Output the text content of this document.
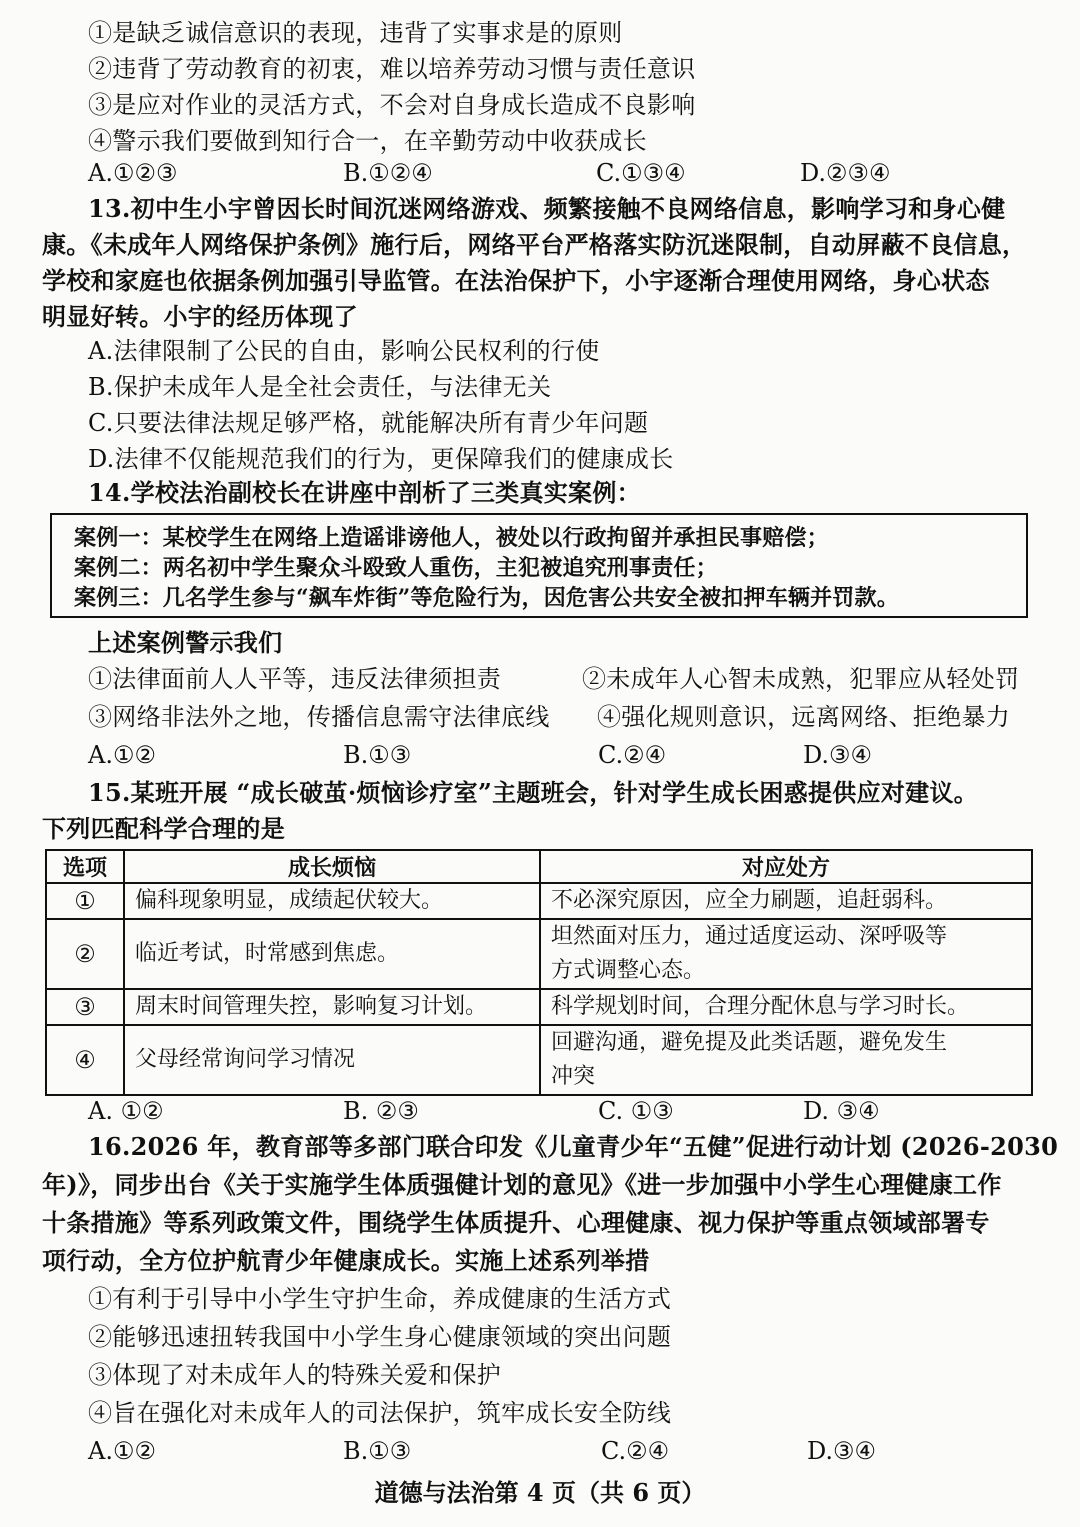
①是缺乏诚信意识的表现，违背了实事求是的原则
②违背了劳动教育的初衷，难以培养劳动习惯与责任意识
③是应对作业的灵活方式，不会对自身成长造成不良影响
④警示我们要做到知行合一，在辛勤劳动中收获成长
A.①②③	B.①②④	C.①③④	D.②③④
13.初中生小宇曾因长时间沉迷网络游戏、频繁接触不良网络信息，影响学习和身心健
康。《未成年人网络保护条例》施行后，网络平台严格落实防沉迷限制，自动屏蔽不良信息，
学校和家庭也依据条例加强引导监管。在法治保护下，小宇逐渐合理使用网络，身心状态
明显好转。小宇的经历体现了
A.法律限制了公民的自由，影响公民权利的行使
B.保护未成年人是全社会责任，与法律无关
C.只要法律法规足够严格，就能解决所有青少年问题
D.法律不仅能规范我们的行为，更保障我们的健康成长
14.学校法治副校长在讲座中剖析了三类真实案例：
案例一：某校学生在网络上造谣诽谤他人，被处以行政拘留并承担民事赔偿；
案例二：两名初中学生聚众斗殴致人重伤，主犯被追究刑事责任；
案例三：几名学生参与“飙车炸街”等危险行为，因危害公共安全被扣押车辆并罚款。
上述案例警示我们
①法律面前人人平等，违反法律须担责	②未成年人心智未成熟，犯罪应从轻处罚
③网络非法外之地，传播信息需守法律底线 ④强化规则意识，远离网络、拒绝暴力
A.①②	B.①③	C.②④	D.③④
15.某班开展 “成长破茧·烦恼诊疗室”主题班会，针对学生成长困惑提供应对建议。
下列匹配科学合理的是
选项	成长烦恼	对应处方
①	偏科现象明显，成绩起伏较大。	不必深究原因，应全力刷题，追赶弱科。
②	临近考试，时常感到焦虑。	坦然面对压力，通过适度运动、深呼吸等
方式调整心态。
③	周末时间管理失控，影响复习计划。	科学规划时间，合理分配休息与学习时长。
④	父母经常询问学习情况	回避沟通，避免提及此类话题，避免发生
冲突
A. ①②	B. ②③	C. ①③	D. ③④
16.2026 年，教育部等多部门联合印发《儿童青少年“五健”促进行动计划 (2026-2030
年)》，同步出台《关于实施学生体质强健计划的意见》《进一步加强中小学生心理健康工作
十条措施》等系列政策文件，围绕学生体质提升、心理健康、视力保护等重点领域部署专
项行动，全方位护航青少年健康成长。实施上述系列举措
①有利于引导中小学生守护生命，养成健康的生活方式
②能够迅速扭转我国中小学生身心健康领域的突出问题
③体现了对未成年人的特殊关爱和保护
④旨在强化对未成年人的司法保护，筑牢成长安全防线
A.①②	B.①③	C.②④	D.③④
道德与法治第 4 页（共 6 页）
